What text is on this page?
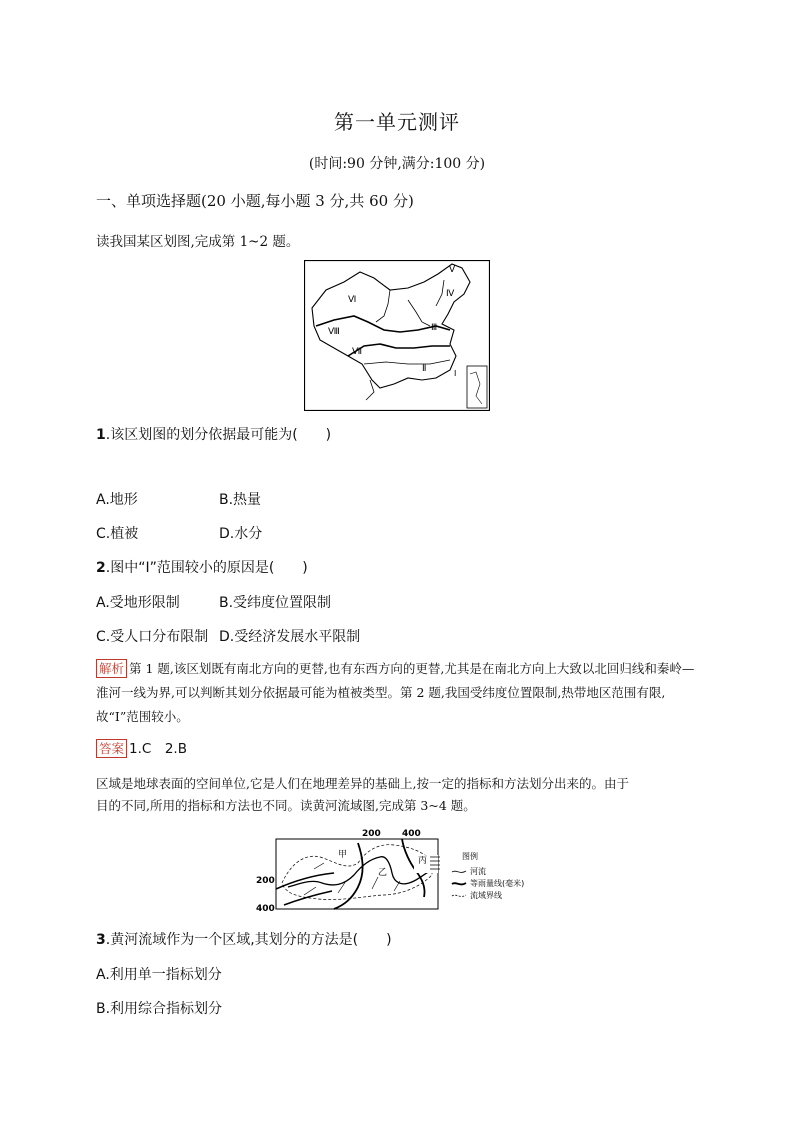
第一单元测评
(时间:90 分钟,满分:100 分)
一、单项选择题(20 小题,每小题 3 分,共 60 分)
读我国某区划图,完成第 1~2 题。
Ⅴ
Ⅳ
Ⅵ
Ⅲ
Ⅷ
Ⅶ
Ⅱ	Ⅰ
1.该区划图的划分依据最可能为(　　)
A.地形	B.热量
C.植被	D.水分
2.图中“Ⅰ”范围较小的原因是(　　)
A.受地形限制	B.受纬度位置限制
C.受人口分布限制 D.受经济发展水平限制
解析 第 1 题,该区划既有南北方向的更替,也有东西方向的更替,尤其是在南北方向上大致以北回归线和秦岭—淮河一线为界,可以判断其划分依据最可能为植被类型。第 2 题,我国受纬度位置限制,热带地区范围有限,故“Ⅰ”范围较小。
答案 1.C　2.B
区域是地球表面的空间单位,它是人们在地理差异的基础上,按一定的指标和方法划分出来的。由于
目的不同,所用的指标和方法也不同。读黄河流域图,完成第 3~4 题。
200 400
200
400
甲
乙
丙	图例
河流
等雨量线(毫米)
流域界线
3.黄河流域作为一个区域,其划分的方法是(　　)
A.利用单一指标划分
B.利用综合指标划分
